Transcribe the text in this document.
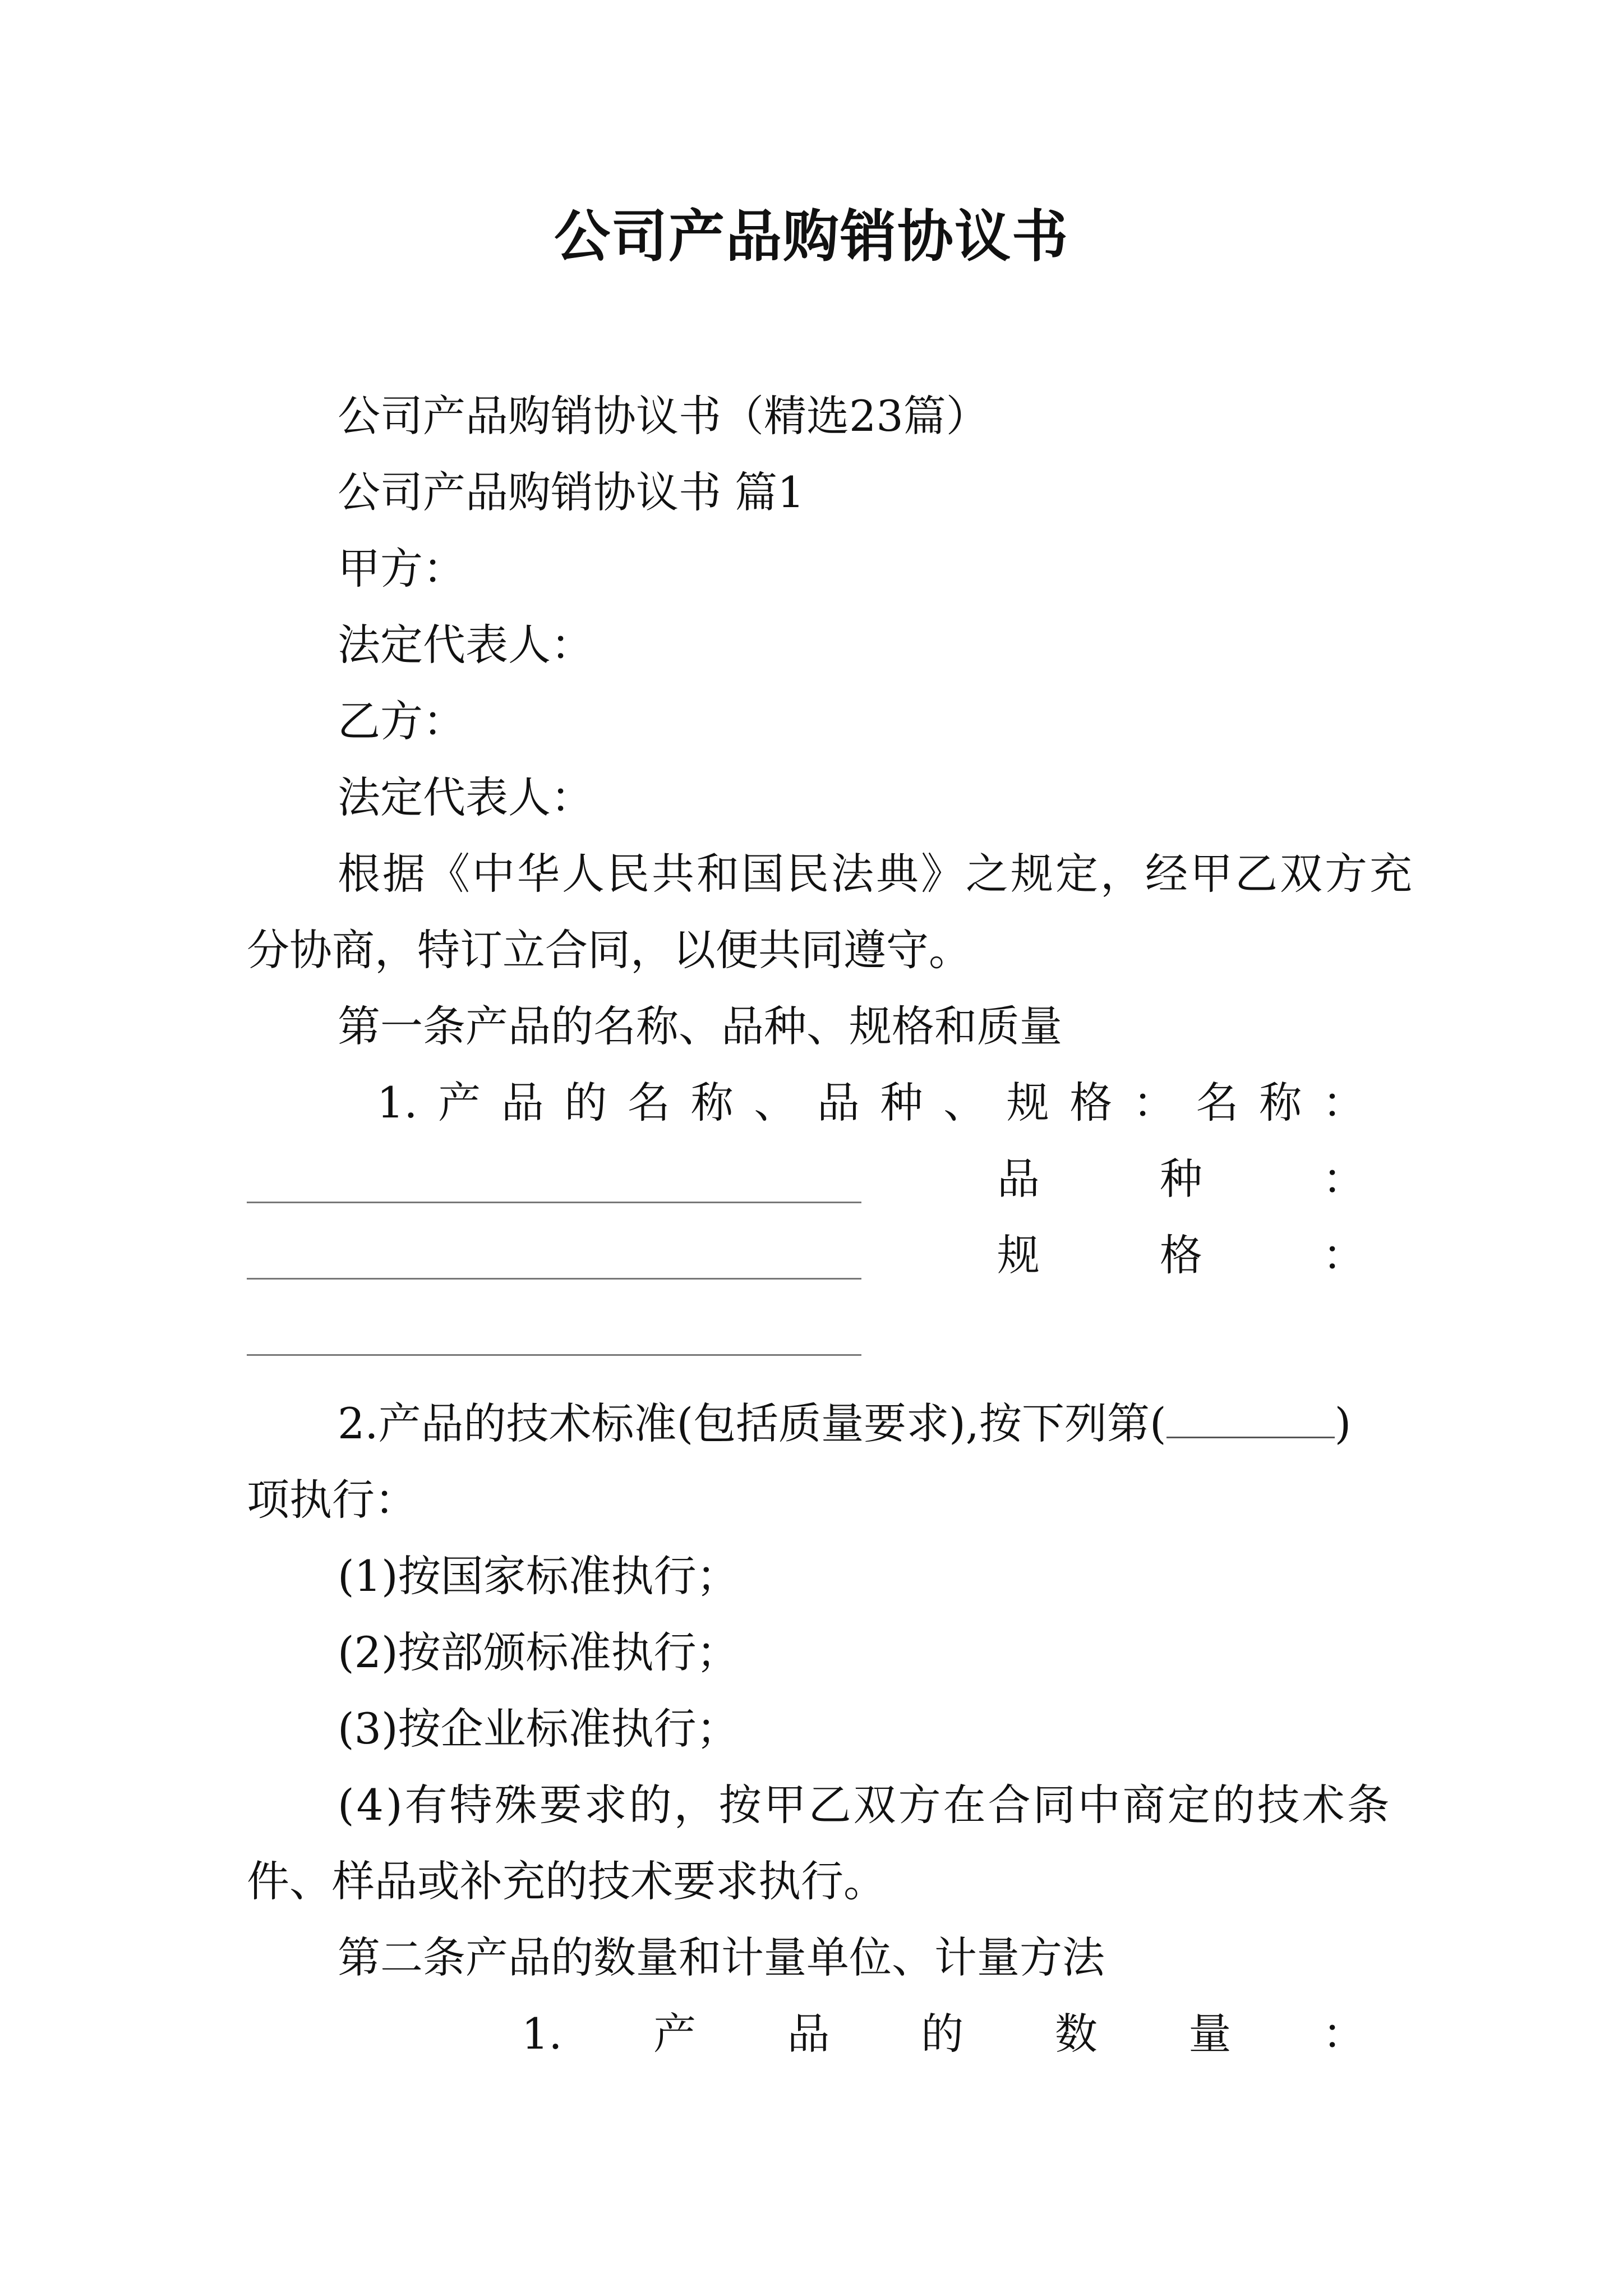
公司产品购销协议书
公司产品购销协议书（精选23篇）
公司产品购销协议书 篇1
甲方：
法定代表人：
乙方：
法定代表人：
根据《中华人民共和国民法典》之规定，经甲乙双方充
分协商，特订立合同，以便共同遵守。
第一条产品的名称、品种、规格和质量
1. 产 品 的 名 称 、 品 种 、 规 格 ： 名 称 ：
品	种	：
规	格	：
2.产品的技术标准(包括质量要求),按下列第(	)
项执行：
(1)按国家标准执行；
(2)按部颁标准执行；
(3)按企业标准执行；
(4)有特殊要求的，按甲乙双方在合同中商定的技术条
件、样品或补充的技术要求执行。
第二条产品的数量和计量单位、计量方法
1. 产 品 的 数 量 ：
